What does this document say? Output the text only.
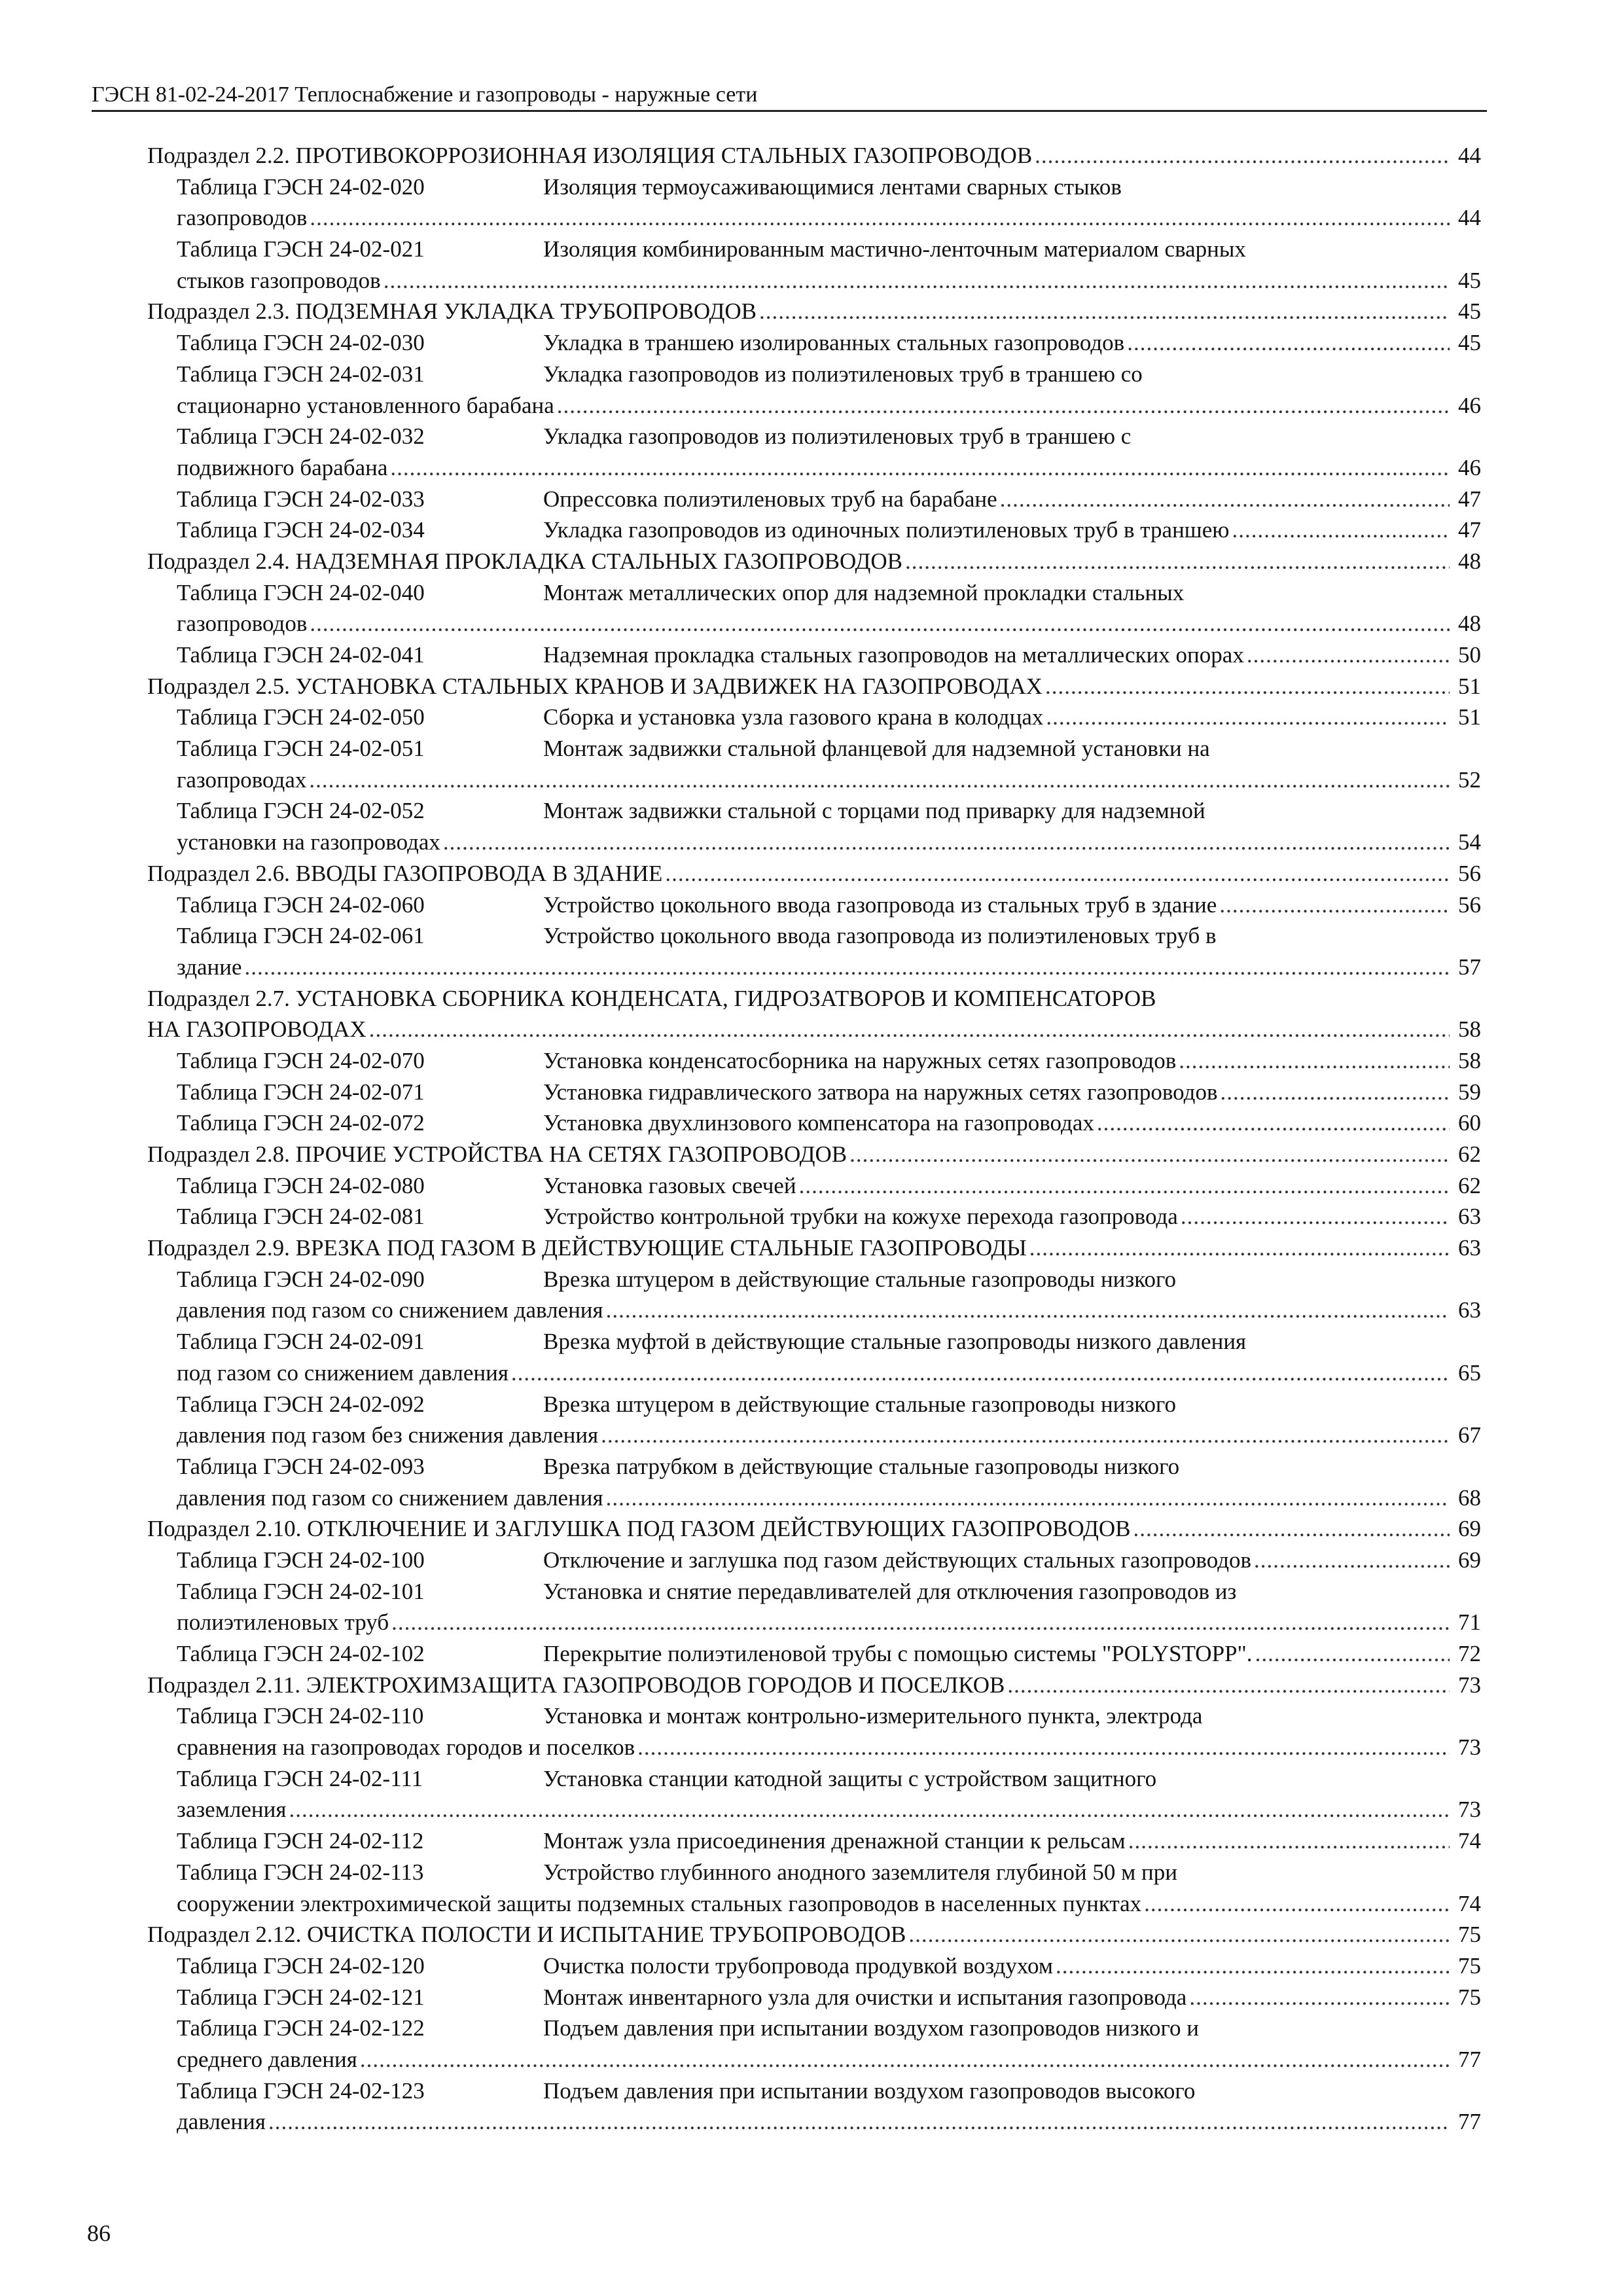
ГЭСН 81-02-24-2017 Теплоснабжение и газопроводы - наружные сети
Подраздел 2.2. ПРОТИВОКОРРОЗИОННАЯ ИЗОЛЯЦИЯ СТАЛЬНЫХ ГАЗОПРОВОДОВ .....	44
Таблица ГЭСН 24-02-020	Изоляция термоусаживающимися лентами сварных стыков
газопроводов .....	44
Таблица ГЭСН 24-02-021	Изоляция комбинированным мастично-ленточным материалом сварных
стыков газопроводов .....	45
Подраздел 2.3. ПОДЗЕМНАЯ УКЛАДКА ТРУБОПРОВОДОВ .....	45
Таблица ГЭСН 24-02-030	Укладка в траншею изолированных стальных газопроводов .....	45
Таблица ГЭСН 24-02-031	Укладка газопроводов из полиэтиленовых труб в траншею со
стационарно установленного барабана .....	46
Таблица ГЭСН 24-02-032	Укладка газопроводов из полиэтиленовых труб в траншею с
подвижного барабана .....	46
Таблица ГЭСН 24-02-033	Опрессовка полиэтиленовых труб на барабане .....	47
Таблица ГЭСН 24-02-034	Укладка газопроводов из одиночных полиэтиленовых труб в траншею .....	47
Подраздел 2.4. НАДЗЕМНАЯ ПРОКЛАДКА СТАЛЬНЫХ ГАЗОПРОВОДОВ .....	48
Таблица ГЭСН 24-02-040	Монтаж металлических опор для надземной прокладки стальных
газопроводов .....	48
Таблица ГЭСН 24-02-041	Надземная прокладка стальных газопроводов на металлических опорах .....	50
Подраздел 2.5. УСТАНОВКА СТАЛЬНЫХ КРАНОВ И ЗАДВИЖЕК НА ГАЗОПРОВОДАХ .....	51
Таблица ГЭСН 24-02-050	Сборка и установка узла газового крана в колодцах .....	51
Таблица ГЭСН 24-02-051	Монтаж задвижки стальной фланцевой для надземной установки на
газопроводах .....	52
Таблица ГЭСН 24-02-052	Монтаж задвижки стальной с торцами под приварку для надземной
установки на газопроводах .....	54
Подраздел 2.6. ВВОДЫ ГАЗОПРОВОДА В ЗДАНИЕ .....	56
Таблица ГЭСН 24-02-060	Устройство цокольного ввода газопровода из стальных труб в здание .....	56
Таблица ГЭСН 24-02-061	Устройство цокольного ввода газопровода из полиэтиленовых труб в
здание .....	57
Подраздел 2.7. УСТАНОВКА СБОРНИКА КОНДЕНСАТА, ГИДРОЗАТВОРОВ И КОМПЕНСАТОРОВ
НА ГАЗОПРОВОДАХ .....	58
Таблица ГЭСН 24-02-070	Установка конденсатосборника на наружных сетях газопроводов .....	58
Таблица ГЭСН 24-02-071	Установка гидравлического затвора на наружных сетях газопроводов .....	59
Таблица ГЭСН 24-02-072	Установка двухлинзового компенсатора на газопроводах .....	60
Подраздел 2.8. ПРОЧИЕ УСТРОЙСТВА НА СЕТЯХ ГАЗОПРОВОДОВ .....	62
Таблица ГЭСН 24-02-080	Установка газовых свечей .....	62
Таблица ГЭСН 24-02-081	Устройство контрольной трубки на кожухе перехода газопровода .....	63
Подраздел 2.9. ВРЕЗКА ПОД ГАЗОМ В ДЕЙСТВУЮЩИЕ СТАЛЬНЫЕ ГАЗОПРОВОДЫ .....	63
Таблица ГЭСН 24-02-090	Врезка штуцером в действующие стальные газопроводы низкого
давления под газом со снижением давления .....	63
Таблица ГЭСН 24-02-091	Врезка муфтой в действующие стальные газопроводы низкого давления
под газом со снижением давления .....	65
Таблица ГЭСН 24-02-092	Врезка штуцером в действующие стальные газопроводы низкого
давления под газом без снижения давления .....	67
Таблица ГЭСН 24-02-093	Врезка патрубком в действующие стальные газопроводы низкого
давления под газом со снижением давления .....	68
Подраздел 2.10. ОТКЛЮЧЕНИЕ И ЗАГЛУШКА ПОД ГАЗОМ ДЕЙСТВУЮЩИХ ГАЗОПРОВОДОВ .....	69
Таблица ГЭСН 24-02-100	Отключение и заглушка под газом действующих стальных газопроводов .....	69
Таблица ГЭСН 24-02-101	Установка и снятие передавливателей для отключения газопроводов из
полиэтиленовых труб .....	71
Таблица ГЭСН 24-02-102	Перекрытие полиэтиленовой трубы с помощью системы "POLYSTOPP". .....	72
Подраздел 2.11. ЭЛЕКТРОХИМЗАЩИТА ГАЗОПРОВОДОВ ГОРОДОВ И ПОСЕЛКОВ .....	73
Таблица ГЭСН 24-02-110	Установка и монтаж контрольно-измерительного пункта, электрода
сравнения на газопроводах городов и поселков .....	73
Таблица ГЭСН 24-02-111	Установка станции катодной защиты с устройством защитного
заземления .....	73
Таблица ГЭСН 24-02-112	Монтаж узла присоединения дренажной станции к рельсам .....	74
Таблица ГЭСН 24-02-113	Устройство глубинного анодного заземлителя глубиной 50 м при
сооружении электрохимической защиты подземных стальных газопроводов в населенных пунктах .....	74
Подраздел 2.12. ОЧИСТКА ПОЛОСТИ И ИСПЫТАНИЕ ТРУБОПРОВОДОВ .....	75
Таблица ГЭСН 24-02-120	Очистка полости трубопровода продувкой воздухом .....	75
Таблица ГЭСН 24-02-121	Монтаж инвентарного узла для очистки и испытания газопровода .....	75
Таблица ГЭСН 24-02-122	Подъем давления при испытании воздухом газопроводов низкого и
среднего давления .....	77
Таблица ГЭСН 24-02-123	Подъем давления при испытании воздухом газопроводов высокого
давления .....	77
86
